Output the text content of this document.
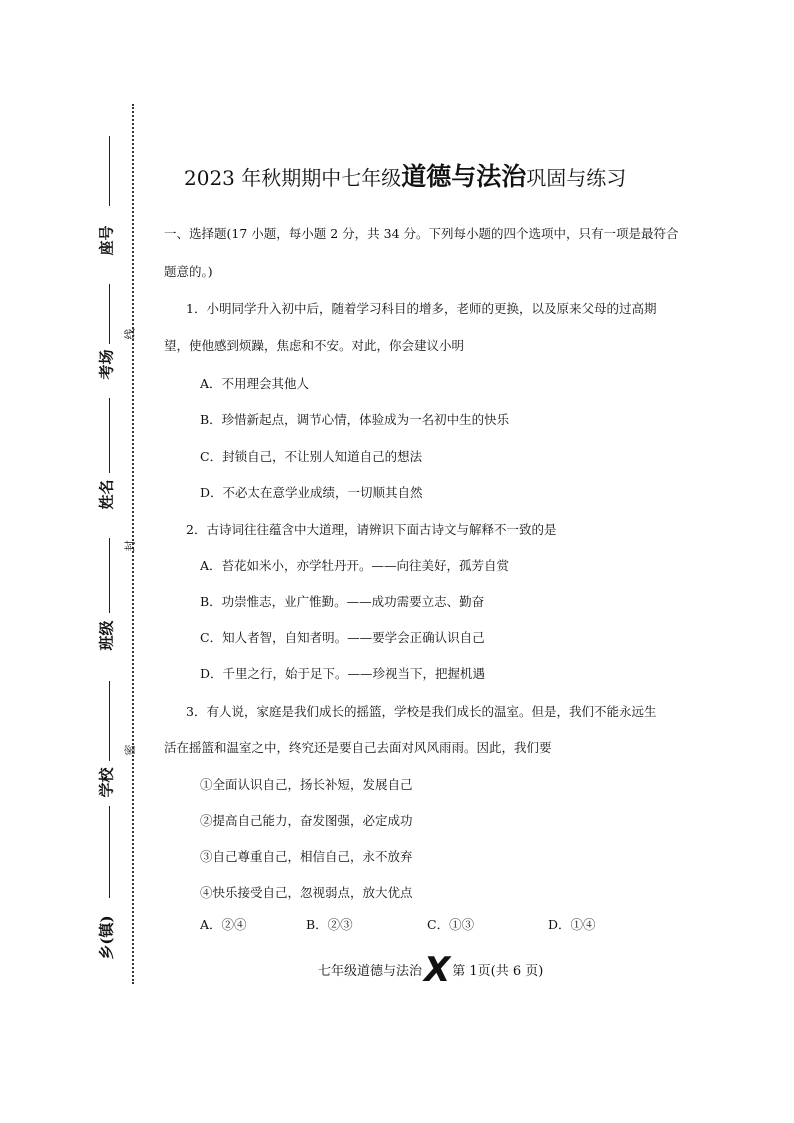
座号
考场
姓名
班级
学校
乡(镇)
线
封
密
2023 年秋期期中七年级道德与法治巩固与练习
一、选择题(17 小题，每小题 2 分，共 34 分。下列每小题的四个选项中，只有一项是最符合
题意的。)
1．小明同学升入初中后，随着学习科目的增多，老师的更换，以及原来父母的过高期
望，使他感到烦躁，焦虑和不安。对此，你会建议小明
A．不用理会其他人
B．珍惜新起点，调节心情，体验成为一名初中生的快乐
C．封锁自己，不让别人知道自己的想法
D．不必太在意学业成绩，一切顺其自然
2．古诗词往往蕴含中大道理，请辨识下面古诗文与解释不一致的是
A．苔花如米小，亦学牡丹开。——向往美好，孤芳自赏
B．功崇惟志，业广惟勤。——成功需要立志、勤奋
C．知人者智，自知者明。——要学会正确认识自己
D．千里之行，始于足下。——珍视当下，把握机遇
3．有人说，家庭是我们成长的摇篮，学校是我们成长的温室。但是，我们不能永远生
活在摇篮和温室之中，终究还是要自己去面对风风雨雨。因此，我们要
①全面认识自己，扬长补短，发展自己
②提高自己能力，奋发图强，必定成功
③自己尊重自己，相信自己，永不放弃
④快乐接受自己，忽视弱点，放大优点
A．②④	B．②③	C．①③	D．①④
七年级道德与法治X 第 1页(共 6 页)
